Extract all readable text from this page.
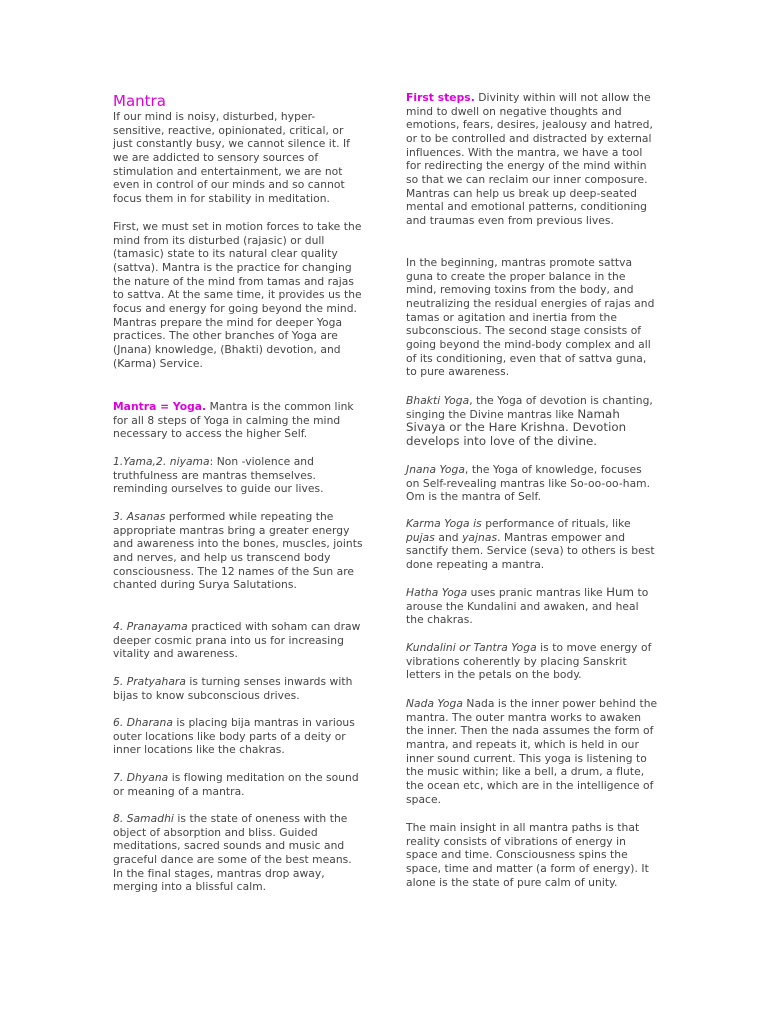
Mantra

If our mind is noisy, disturbed, hyper-sensitive, reactive, opinionated, critical, or just constantly busy, we cannot silence it. If we are addicted to sensory sources of stimulation and entertainment, we are not even in control of our minds and so cannot focus them in for stability in meditation.

First, we must set in motion forces to take the mind from its disturbed (rajasic) or dull (tamasic) state to its natural clear quality (sattva). Mantra is the practice for changing the nature of the mind from tamas and rajas to sattva. At the same time, it provides us the focus and energy for going beyond the mind. Mantras prepare the mind for deeper Yoga practices. The other branches of Yoga are (Jnana) knowledge, (Bhakti) devotion, and (Karma) Service.

Mantra = Yoga. Mantra is the common link for all 8 steps of Yoga in calming the mind necessary to access the higher Self.

1.Yama,2. niyama: Non -violence and truthfulness are mantras themselves. reminding ourselves to guide our lives.

3. Asanas performed while repeating the appropriate mantras bring a greater energy and awareness into the bones, muscles, joints and nerves, and help us transcend body consciousness. The 12 names of the Sun are chanted during Surya Salutations.

4. Pranayama practiced with soham can draw deeper cosmic prana into us for increasing vitality and awareness.

5. Pratyahara is turning senses inwards with bijas to know subconscious drives.

6. Dharana is placing bija mantras in various outer locations like body parts of a deity or inner locations like the chakras.

7. Dhyana is flowing meditation on the sound or meaning of a mantra.

8. Samadhi is the state of oneness with the object of absorption and bliss. Guided meditations, sacred sounds and music and graceful dance are some of the best means. In the final stages, mantras drop away, merging into a blissful calm.

First steps. Divinity within will not allow the mind to dwell on negative thoughts and emotions, fears, desires, jealousy and hatred, or to be controlled and distracted by external influences. With the mantra, we have a tool for redirecting the energy of the mind within so that we can reclaim our inner composure. Mantras can help us break up deep-seated mental and emotional patterns, conditioning and traumas even from previous lives.

In the beginning, mantras promote sattva guna to create the proper balance in the mind, removing toxins from the body, and neutralizing the residual energies of rajas and tamas or agitation and inertia from the subconscious. The second stage consists of going beyond the mind-body complex and all of its conditioning, even that of sattva guna, to pure awareness.

Bhakti Yoga, the Yoga of devotion is chanting, singing the Divine mantras like Namah Sivaya or the Hare Krishna. Devotion develops into love of the divine.

Jnana Yoga, the Yoga of knowledge, focuses on Self-revealing mantras like So-oo-oo-ham. Om is the mantra of Self.

Karma Yoga is performance of rituals, like pujas and yajnas. Mantras empower and sanctify them. Service (seva) to others is best done repeating a mantra.

Hatha Yoga uses pranic mantras like Hum to arouse the Kundalini and awaken, and heal the chakras.

Kundalini or Tantra Yoga is to move energy of vibrations coherently by placing Sanskrit letters in the petals on the body.

Nada Yoga Nada is the inner power behind the mantra. The outer mantra works to awaken the inner. Then the nada assumes the form of mantra, and repeats it, which is held in our inner sound current. This yoga is listening to the music within; like a bell, a drum, a flute, the ocean etc, which are in the intelligence of space.

The main insight in all mantra paths is that reality consists of vibrations of energy in space and time. Consciousness spins the space, time and matter (a form of energy). It alone is the state of pure calm of unity.
